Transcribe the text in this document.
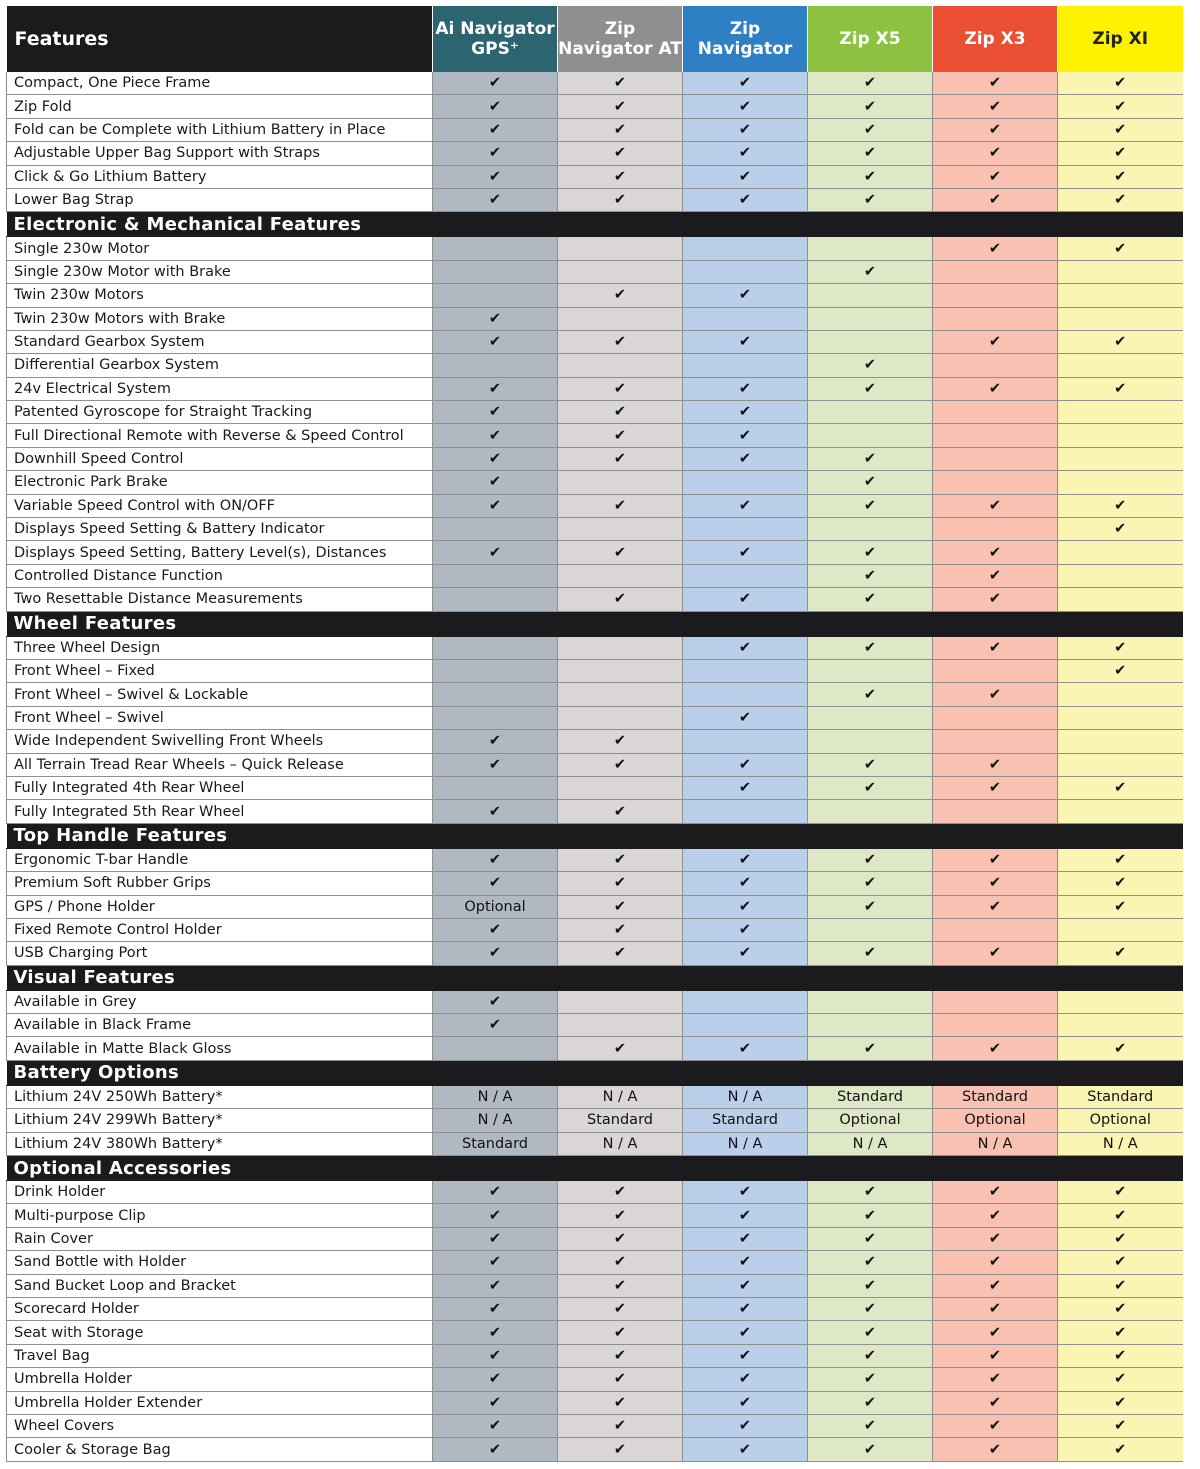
Features	Ai Navigator GPS⁺	Zip Navigator AT	Zip Navigator	Zip X5	Zip X3	Zip XI
Compact, One Piece Frame	✔	✔	✔	✔	✔	✔
Zip Fold	✔	✔	✔	✔	✔	✔
Fold can be Complete with Lithium Battery in Place	✔	✔	✔	✔	✔	✔
Adjustable Upper Bag Support with Straps	✔	✔	✔	✔	✔	✔
Click & Go Lithium Battery	✔	✔	✔	✔	✔	✔
Lower Bag Strap	✔	✔	✔	✔	✔	✔
Electronic & Mechanical Features						
Single 230w Motor					✔	✔
Single 230w Motor with Brake				✔		
Twin 230w Motors		✔	✔			
Twin 230w Motors with Brake	✔					
Standard Gearbox System	✔	✔	✔		✔	✔
Differential Gearbox System				✔		
24v Electrical System	✔	✔	✔	✔	✔	✔
Patented Gyroscope for Straight Tracking	✔	✔	✔			
Full Directional Remote with Reverse & Speed Control	✔	✔	✔			
Downhill Speed Control	✔	✔	✔	✔		
Electronic Park Brake	✔			✔		
Variable Speed Control with ON/OFF	✔	✔	✔	✔	✔	✔
Displays Speed Setting & Battery Indicator						✔
Displays Speed Setting, Battery Level(s), Distances	✔	✔	✔	✔	✔	
Controlled Distance Function				✔	✔	
Two Resettable Distance Measurements		✔	✔	✔	✔	
Wheel Features						
Three Wheel Design			✔	✔	✔	✔
Front Wheel – Fixed						✔
Front Wheel – Swivel & Lockable				✔	✔	
Front Wheel – Swivel			✔			
Wide Independent Swivelling Front Wheels	✔	✔				
All Terrain Tread Rear Wheels – Quick Release	✔	✔	✔	✔	✔	
Fully Integrated 4th Rear Wheel			✔	✔	✔	✔
Fully Integrated 5th Rear Wheel	✔	✔				
Top Handle Features						
Ergonomic T-bar Handle	✔	✔	✔	✔	✔	✔
Premium Soft Rubber Grips	✔	✔	✔	✔	✔	✔
GPS / Phone Holder	Optional	✔	✔	✔	✔	✔
Fixed Remote Control Holder	✔	✔	✔			
USB Charging Port	✔	✔	✔	✔	✔	✔
Visual Features						
Available in Grey	✔					
Available in Black Frame	✔					
Available in Matte Black Gloss		✔	✔	✔	✔	✔
Battery Options						
Lithium 24V 250Wh Battery*	N / A	N / A	N / A	Standard	Standard	Standard
Lithium 24V 299Wh Battery*	N / A	Standard	Standard	Optional	Optional	Optional
Lithium 24V 380Wh Battery*	Standard	N / A	N / A	N / A	N / A	N / A
Optional Accessories						
Drink Holder	✔	✔	✔	✔	✔	✔
Multi-purpose Clip	✔	✔	✔	✔	✔	✔
Rain Cover	✔	✔	✔	✔	✔	✔
Sand Bottle with Holder	✔	✔	✔	✔	✔	✔
Sand Bucket Loop and Bracket	✔	✔	✔	✔	✔	✔
Scorecard Holder	✔	✔	✔	✔	✔	✔
Seat with Storage	✔	✔	✔	✔	✔	✔
Travel Bag	✔	✔	✔	✔	✔	✔
Umbrella Holder	✔	✔	✔	✔	✔	✔
Umbrella Holder Extender	✔	✔	✔	✔	✔	✔
Wheel Covers	✔	✔	✔	✔	✔	✔
Cooler & Storage Bag	✔	✔	✔	✔	✔	✔
